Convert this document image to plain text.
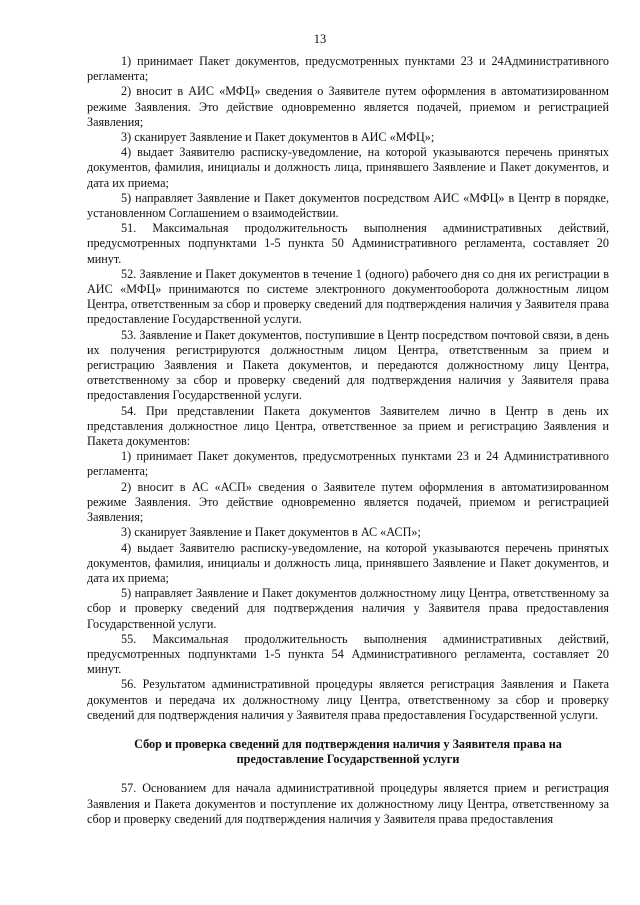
13

1) принимает Пакет документов, предусмотренных пунктами 23 и 24Административного регламента;

2) вносит в АИС «МФЦ» сведения о Заявителе путем оформления в автоматизированном режиме Заявления. Это действие одновременно является подачей, приемом и регистрацией Заявления;

3) сканирует Заявление и Пакет документов в АИС «МФЦ»;

4) выдает Заявителю расписку-уведомление, на которой указываются перечень принятых документов, фамилия, инициалы и должность лица, принявшего Заявление и Пакет документов, и дата их приема;

5) направляет Заявление и Пакет документов посредством АИС «МФЦ» в Центр в порядке, установленном Соглашением о взаимодействии.

51. Максимальная продолжительность выполнения административных действий, предусмотренных подпунктами 1-5 пункта 50 Административного регламента, составляет 20 минут.

52. Заявление и Пакет документов в течение 1 (одного) рабочего дня со дня их регистрации в АИС «МФЦ» принимаются по системе электронного документооборота должностным лицом Центра, ответственным за сбор и проверку сведений для подтверждения наличия у Заявителя права предоставление Государственной услуги.

53. Заявление и Пакет документов, поступившие в Центр посредством почтовой связи, в день их получения регистрируются должностным лицом Центра, ответственным за прием и регистрацию Заявления и Пакета документов, и передаются должностному лицу Центра, ответственному за сбор и проверку сведений для подтверждения наличия у Заявителя права предоставления Государственной услуги.

54. При представлении Пакета документов Заявителем лично в Центр в день их представления должностное лицо Центра, ответственное за прием и регистрацию Заявления и Пакета документов:

1) принимает Пакет документов, предусмотренных пунктами 23 и 24 Административного регламента;

2) вносит в АС «АСП» сведения о Заявителе путем оформления в автоматизированном режиме Заявления. Это действие одновременно является подачей, приемом и регистрацией Заявления;

3) сканирует Заявление и Пакет документов в АС «АСП»;

4) выдает Заявителю расписку-уведомление, на которой указываются перечень принятых документов, фамилия, инициалы и должность лица, принявшего Заявление и Пакет документов, и дата их приема;

5) направляет Заявление и Пакет документов должностному лицу Центра, ответственному за сбор и проверку сведений для подтверждения наличия у Заявителя права предоставления Государственной услуги.

55. Максимальная продолжительность выполнения административных действий, предусмотренных подпунктами 1-5 пункта 54 Административного регламента, составляет 20 минут.

56. Результатом административной процедуры является регистрация Заявления и Пакета документов и передача их должностному лицу Центра, ответственному за сбор и проверку сведений для подтверждения наличия у Заявителя права предоставления Государственной услуги.

Сбор и проверка сведений для подтверждения наличия у Заявителя права на
предоставление Государственной услуги

57. Основанием для начала административной процедуры является прием и регистрация Заявления и Пакета документов и поступление их должностному лицу Центра, ответственному за сбор и проверку сведений для подтверждения наличия у Заявителя права предоставления
